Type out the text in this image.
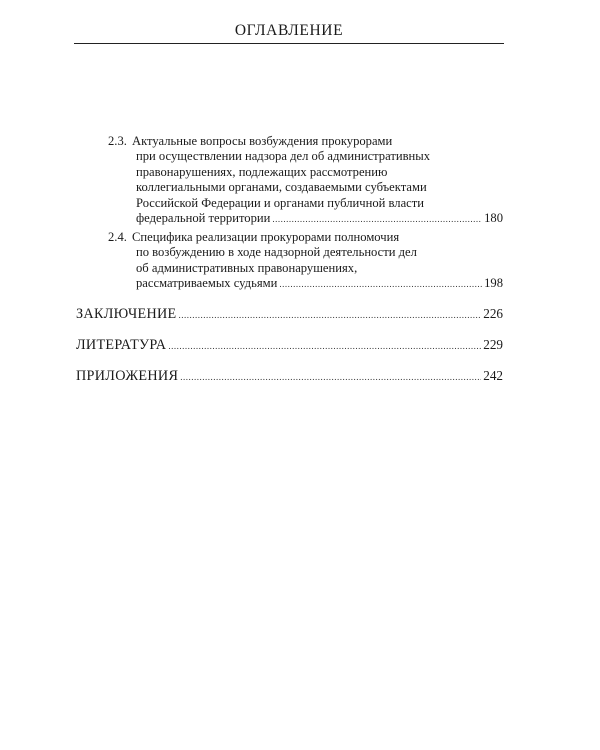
ОГЛАВЛЕНИЕ
2.3. Актуальные вопросы возбуждения прокурорами
при осуществлении надзора дел об административных
правонарушениях, подлежащих рассмотрению
коллегиальными органами, создаваемыми субъектами
Российской Федерации и органами публичной власти
федеральной территории .....	180
2.4. Специфика реализации прокурорами полномочия
по возбуждению в ходе надзорной деятельности дел
об административных правонарушениях,
рассматриваемых судьями .....	198
ЗАКЛЮЧЕНИЕ .....	226
ЛИТЕРАТУРА .....	229
ПРИЛОЖЕНИЯ .....	242
